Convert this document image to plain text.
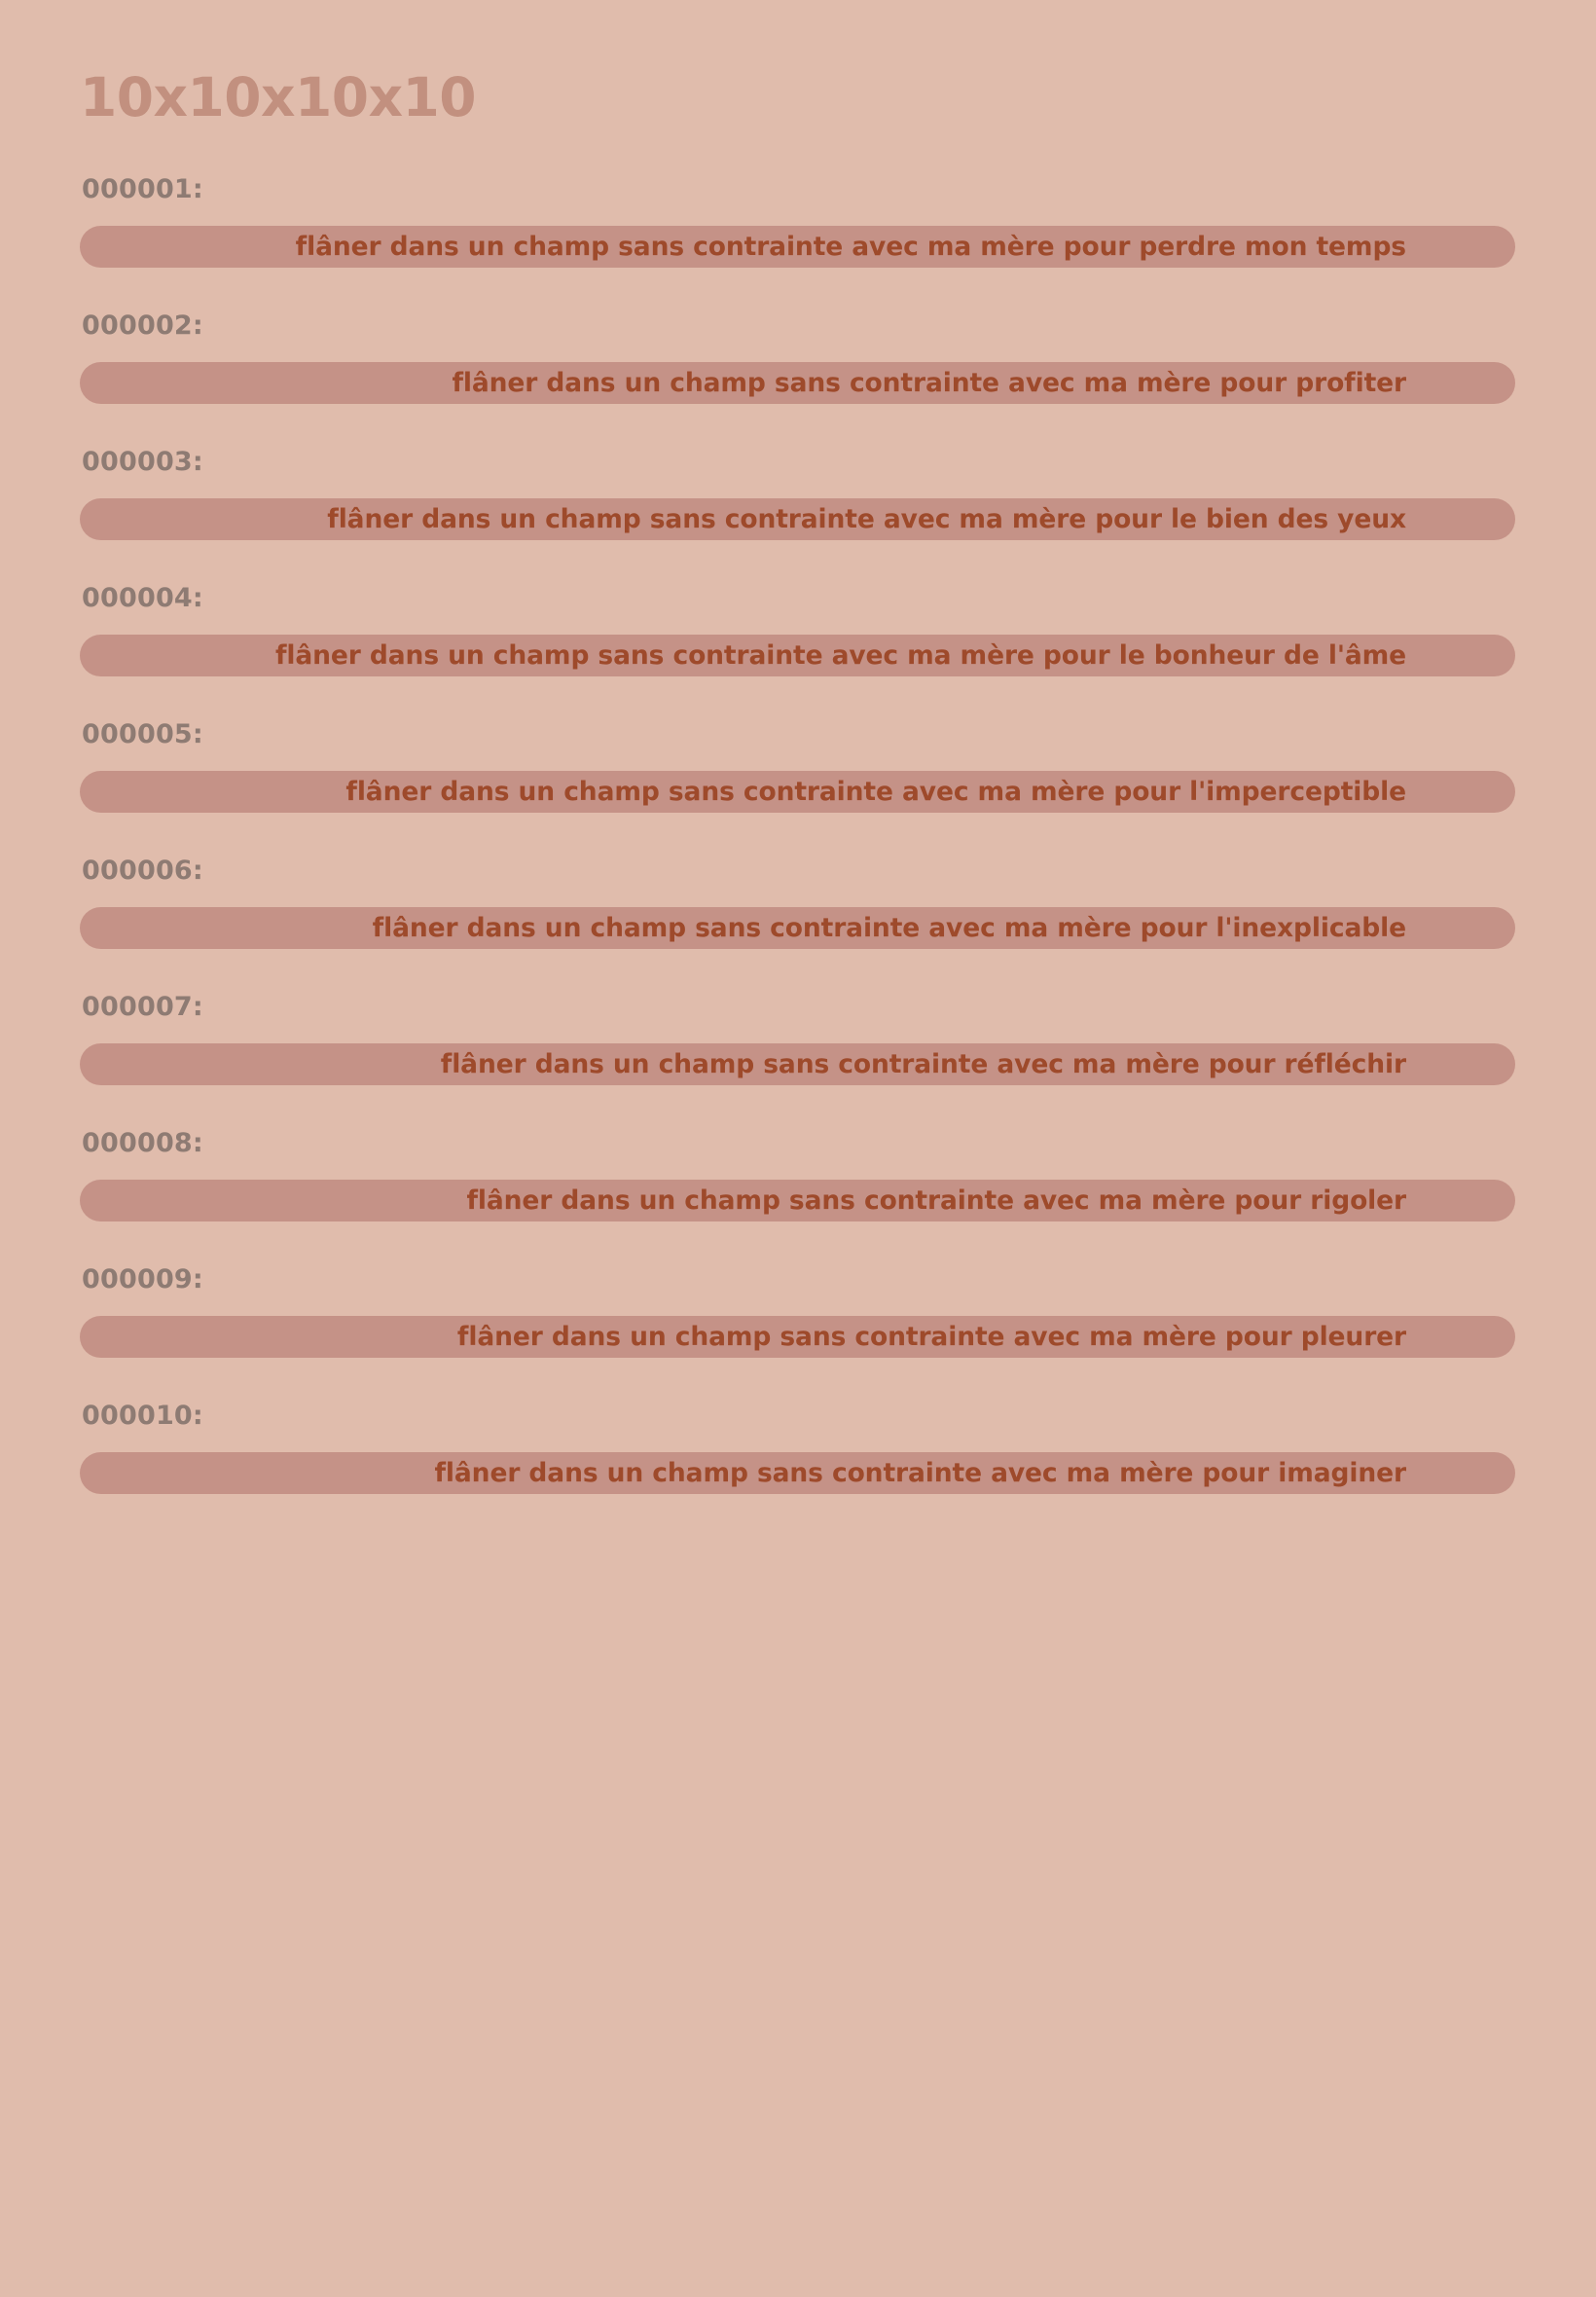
10x10x10x10
000001:
flâner dans un champ sans contrainte avec ma mère pour perdre mon temps
000002:
flâner dans un champ sans contrainte avec ma mère pour profiter
000003:
flâner dans un champ sans contrainte avec ma mère pour le bien des yeux
000004:
flâner dans un champ sans contrainte avec ma mère pour le bonheur de l'âme
000005:
flâner dans un champ sans contrainte avec ma mère pour l'imperceptible
000006:
flâner dans un champ sans contrainte avec ma mère pour l'inexplicable
000007:
flâner dans un champ sans contrainte avec ma mère pour réfléchir
000008:
flâner dans un champ sans contrainte avec ma mère pour rigoler
000009:
flâner dans un champ sans contrainte avec ma mère pour pleurer
000010:
flâner dans un champ sans contrainte avec ma mère pour imaginer
